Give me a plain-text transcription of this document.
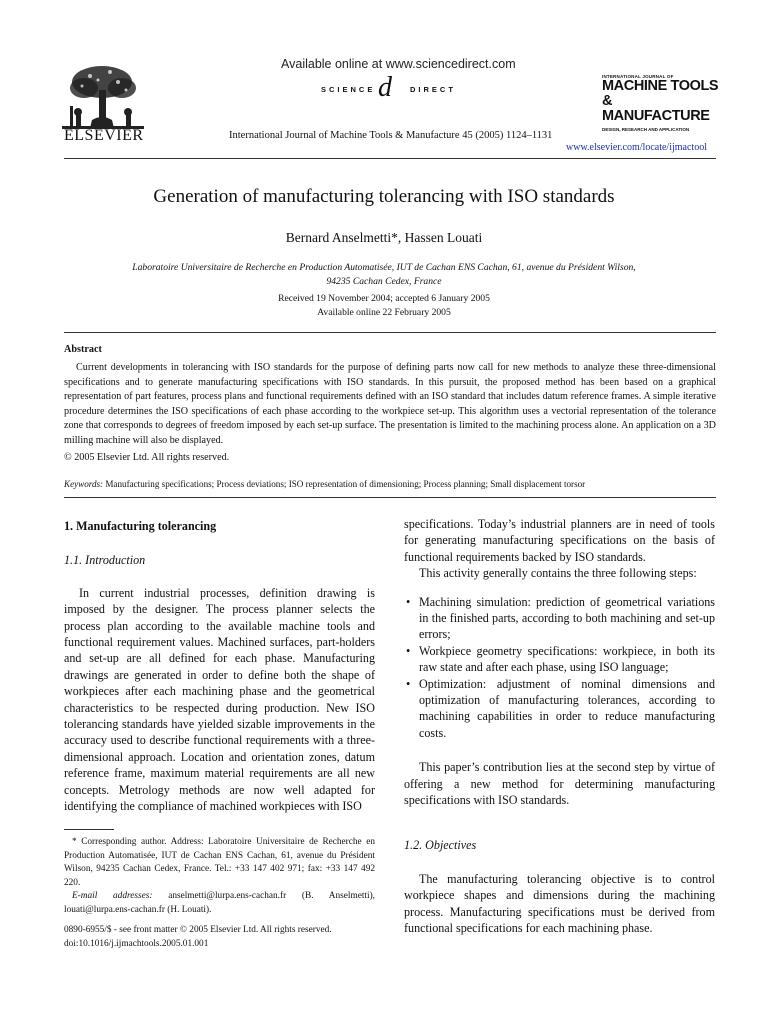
ELSEVIER
Available online at www.sciencedirect.com
SCIENCE d DIRECT
International Journal of Machine Tools & Manufacture 45 (2005) 1124–1131
INTERNATIONAL JOURNAL OF
MACHINE TOOLS
& MANUFACTURE
DESIGN, RESEARCH AND APPLICATION
www.elsevier.com/locate/ijmactool
Generation of manufacturing tolerancing with ISO standards
Bernard Anselmetti*, Hassen Louati
Laboratoire Universitaire de Recherche en Production Automatisée, IUT de Cachan ENS Cachan, 61, avenue du Président Wilson,
94235 Cachan Cedex, France
Received 19 November 2004; accepted 6 January 2005
Available online 22 February 2005
Abstract

Current developments in tolerancing with ISO standards for the purpose of defining parts now call for new methods to analyze these three-dimensional specifications and to generate manufacturing specifications with ISO standards. In this pursuit, the proposed method has been based on a graphical representation of part features, process plans and functional requirements defined with an ISO standard that includes datum reference frames. A simple iterative procedure determines the ISO specifications of each phase according to the workpiece set-up. This algorithm uses a vectorial representation of the tolerance zone that corresponds to degrees of freedom imposed by each set-up surface. The presentation is limited to the machining process alone. An application on a 3D milling machine will also be displayed.

© 2005 Elsevier Ltd. All rights reserved.
Keywords: Manufacturing specifications; Process deviations; ISO representation of dimensioning; Process planning; Small displacement torsor
1. Manufacturing tolerancing
1.1. Introduction

In current industrial processes, definition drawing is imposed by the designer. The process planner selects the process plan according to the available machine tools and functional requirement values. Machined surfaces, part-holders and set-up are all defined for each phase. Manufacturing drawings are generated in order to define both the shape of workpieces after each machining phase and the geometrical characteristics to be respected during production. New ISO tolerancing standards have yielded sizable improvements in the accuracy used to describe functional requirements with a three-dimensional approach. Location and orientation zones, datum reference frame, maximum material requirements are all new concepts. Metrology methods are now well adapted for identifying the compliance of machined workpieces with ISO

* Corresponding author. Address: Laboratoire Universitaire de Recherche en Production Automatisée, IUT de Cachan ENS Cachan, 61, avenue du Président Wilson, 94235 Cachan Cedex, France. Tel.: +33 147 402 971; fax: +33 147 492 220.

E-mail addresses: anselmetti@lurpa.ens-cachan.fr (B. Anselmetti), louati@lurpa.ens-cachan.fr (H. Louati).

0890-6955/$ - see front matter © 2005 Elsevier Ltd. All rights reserved.
doi:10.1016/j.ijmachtools.2005.01.001

specifications. Today’s industrial planners are in need of tools for generating manufacturing specifications on the basis of functional requirements backed by ISO standards.

This activity generally contains the three following steps:

• Machining simulation: prediction of geometrical variations in the finished parts, according to both machining and set-up errors;
• Workpiece geometry specifications: workpiece, in both its raw state and after each phase, using ISO language;
• Optimization: adjustment of nominal dimensions and optimization of manufacturing tolerances, according to machining capabilities in order to reduce manufacturing costs.

This paper’s contribution lies at the second step by virtue of offering a new method for determining manufacturing specifications with ISO standards.

1.2. Objectives

The manufacturing tolerancing objective is to control workpiece shapes and dimensions during the machining process. Manufacturing specifications must be derived from functional specifications for each machining phase.
